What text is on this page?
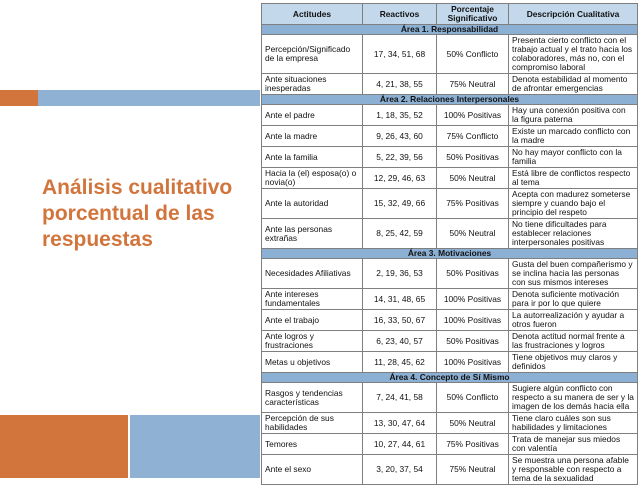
Análisis cualitativo porcentual de las respuestas
Actitudes	Reactivos	Porcentaje Significativo	Descripción Cualitativa
Área 1. Responsabilidad			
Percepción/Significado de la empresa	17, 34, 51, 68	50% Conflicto	Presenta cierto conflicto con el trabajo actual y el trato hacia los colaboradores, más no, con el compromiso laboral
Ante situaciones inesperadas	4, 21, 38, 55	75% Neutral	Denota estabilidad al momento de afrontar emergencias
Área 2. Relaciones Interpersonales			
Ante el padre	1, 18, 35, 52	100% Positivas	Hay una conexión positiva con la figura paterna
Ante la madre	9, 26, 43, 60	75% Conflicto	Existe un marcado conflicto con la madre
Ante la familia	5, 22, 39, 56	50% Positivas	No hay mayor conflicto con la familia
Hacia la (el) esposa(o) o novia(o)	12, 29, 46, 63	50% Neutral	Está libre de conflictos respecto al tema
Ante la autoridad	15, 32, 49, 66	75% Positivas	Acepta con madurez someterse siempre y cuando bajo el principio del respeto
Ante las personas extrañas	8, 25, 42, 59	50% Neutral	No tiene dificultades para establecer relaciones interpersonales positivas
Área 3. Motivaciones			
Necesidades Afiliativas	2, 19, 36, 53	50% Positivas	Gusta del buen compañerismo y se inclina hacia las personas con sus mismos intereses
Ante intereses fundamentales	14, 31, 48, 65	100% Positivas	Denota suficiente motivación para ir por lo que quiere
Ante el trabajo	16, 33, 50, 67	100% Positivas	La autorrealización y ayudar a otros fueron
Ante logros y frustraciones	6, 23, 40, 57	50% Positivas	Denota actitud normal frente a las frustraciones y logros
Metas u objetivos	11, 28, 45, 62	100% Positivas	Tiene objetivos muy claros y definidos
Área 4. Concepto de Sí Mismo			
Rasgos y tendencias características	7, 24, 41, 58	50% Conflicto	Sugiere algún conflicto con respecto a su manera de ser y la imagen de los demás hacia ella
Percepción de sus habilidades	13, 30, 47, 64	50% Neutral	Tiene claro cuáles son sus habilidades y limitaciones
Temores	10, 27, 44, 61	75% Positivas	Trata de manejar sus miedos con valentía
Ante el sexo	3, 20, 37, 54	75% Neutral	Se muestra una persona afable y responsable con respecto a tema de la sexualidad
